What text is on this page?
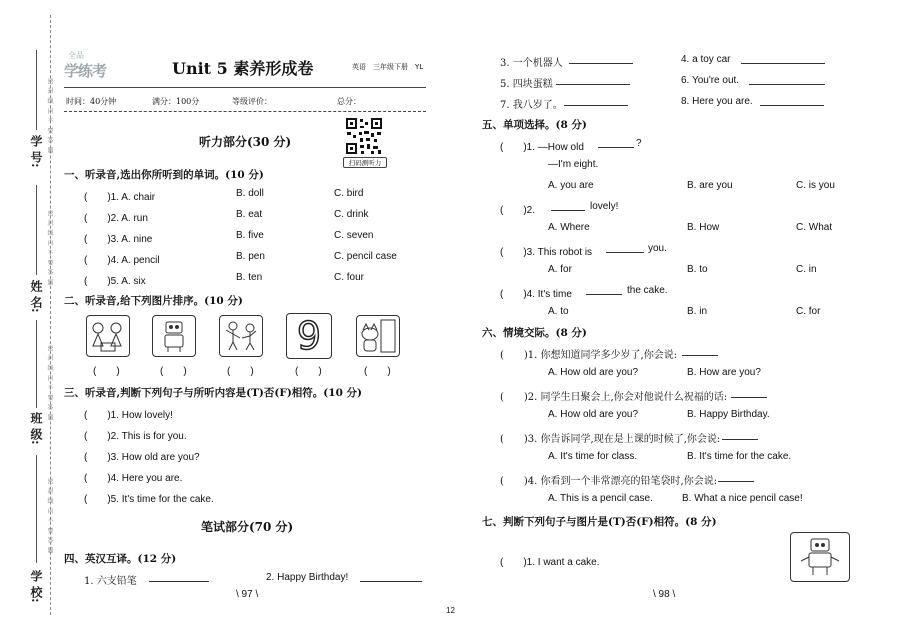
学 校:
班 级:
姓 名:
学 号: 密 封 线 内 不 要 答 题
密 封 线 内 不 要 答 题
密 封 线 内 不 要 答 题
密 封 线 内 不 要 答 题
全品
学练考	Unit 5 素养形成卷	英语　三年级下册　YL
时间：40分钟	满分：100分	等级评价：	总分：
扫码测听力
听力部分(30 分)
一、听录音,选出你所听到的单词。(10 分)
(　　)1. A. chair	B. doll	C. bird
(　　)2. A. run	B. eat	C. drink
(　　)3. A. nine	B. five	C. seven
(　　)4. A. pencil	B. pen	C. pencil case
(　　)5. A. six	B. ten	C. four
二、听录音,给下列图片排序。(10 分)
9
(　　)	(　　)	(　　)	(　　)	(　　)
三、听录音,判断下列句子与所听内容是(T)否(F)相符。(10 分)
(　　)1. How lovely!
(　　)2. This is for you.
(　　)3. How old are you?
(　　)4. Here you are.
(　　)5. It's time for the cake.
笔试部分(70 分)
四、英汉互译。(12 分)
1. 六支铅笔	2. Happy Birthday!
\ 97 \
12
3. 一个机器人	4. a toy car
5. 四块蛋糕	6. You're out.
7. 我八岁了。	8. Here you are.
五、单项选择。(8 分)
(　　)1. —How old	?
—I'm eight.
A. you are	B. are you	C. is you
(　　)2.	lovely!
A. Where	B. How	C. What
(　　)3. This robot is	you.
A. for	B. to	C. in
(　　)4. It's time	the cake.
A. to	B. in	C. for
六、情境交际。(8 分)
(　　)1. 你想知道同学多少岁了,你会说:
A. How old are you?	B. How are you?
(　　)2. 同学生日聚会上,你会对他说什么祝福的话:
A. How old are you?	B. Happy Birthday.
(　　)3. 你告诉同学,现在是上课的时候了,你会说:
A. It's time for class.	B. It's time for the cake.
(　　)4. 你看到一个非常漂亮的铅笔袋时,你会说:
A. This is a pencil case.	B. What a nice pencil case!
七、判断下列句子与图片是(T)否(F)相符。(8 分)
(　　)1. I want a cake.
\ 98 \
